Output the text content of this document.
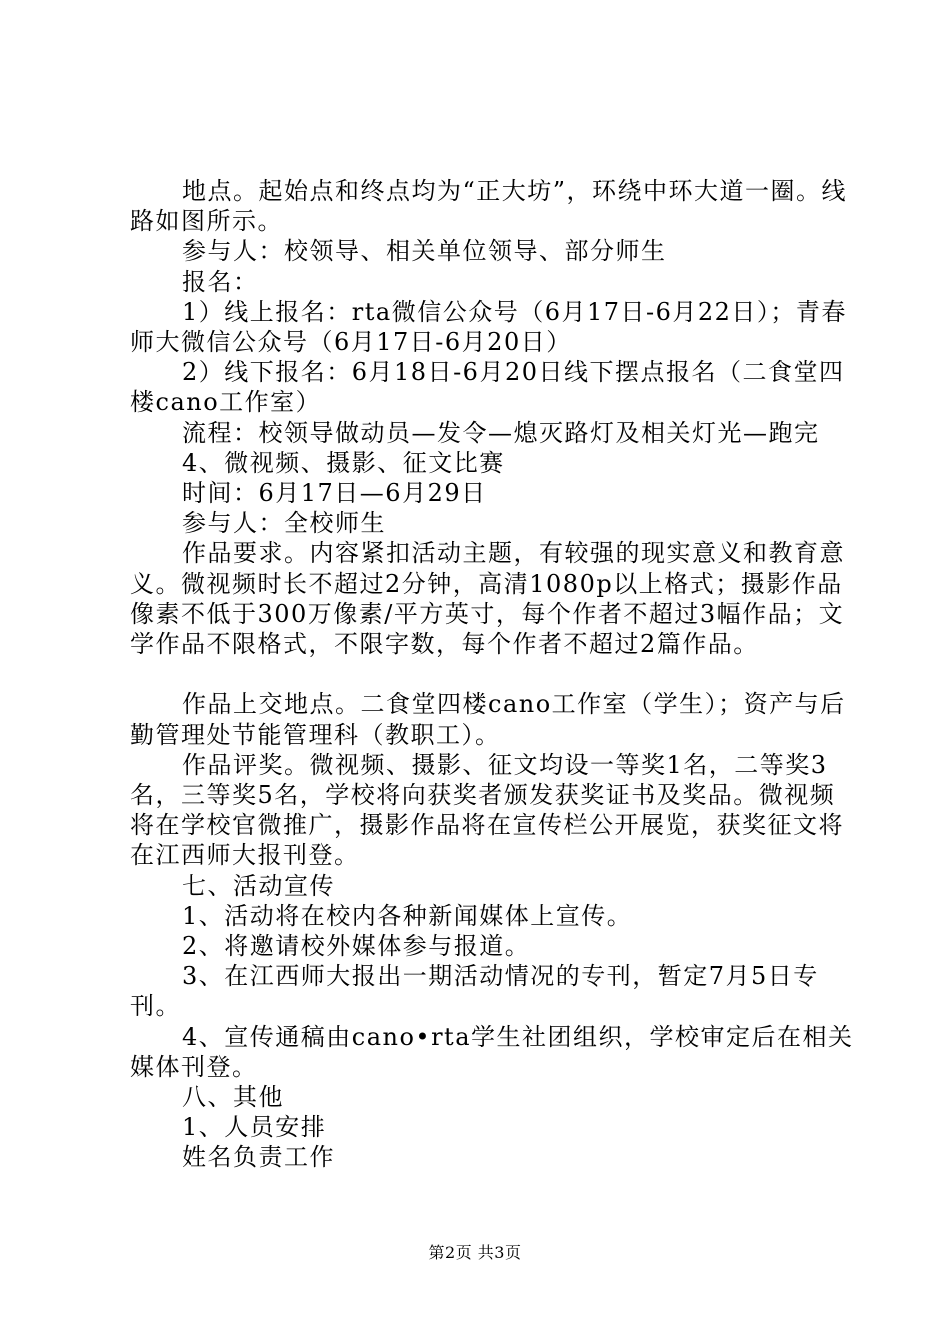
地点。起始点和终点均为“正大坊”，环绕中环大道一圈。线路如图所示。

参与人：校领导、相关单位领导、部分师生

报名：

1）线上报名：rta微信公众号（6月17日-6月22日）；青春师大微信公众号（6月17日-6月20日）

2）线下报名：6月18日-6月20日线下摆点报名（二食堂四楼cano工作室）

流程：校领导做动员—发令—熄灭路灯及相关灯光—跑完

4、微视频、摄影、征文比赛

时间：6月17日—6月29日

参与人：全校师生

作品要求。内容紧扣活动主题，有较强的现实意义和教育意义。微视频时长不超过2分钟，高清1080p以上格式；摄影作品像素不低于300万像素/平方英寸，每个作者不超过3幅作品；文学作品不限格式，不限字数，每个作者不超过2篇作品。

作品上交地点。二食堂四楼cano工作室（学生）；资产与后勤管理处节能管理科（教职工）。

作品评奖。微视频、摄影、征文均设一等奖1名，二等奖3名，三等奖5名，学校将向获奖者颁发获奖证书及奖品。微视频将在学校官微推广，摄影作品将在宣传栏公开展览，获奖征文将在江西师大报刊登。

七、活动宣传

1、活动将在校内各种新闻媒体上宣传。

2、将邀请校外媒体参与报道。

3、在江西师大报出一期活动情况的专刊，暂定7月5日专刊。

4、宣传通稿由cano•rta学生社团组织，学校审定后在相关媒体刊登。

八、其他

1、人员安排

姓名负责工作

第2页 共3页
